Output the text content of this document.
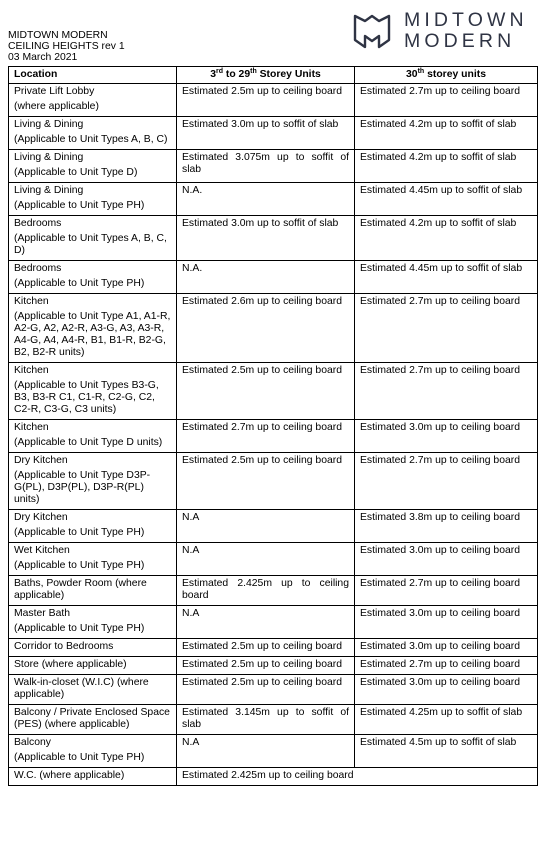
MIDTOWN MODERN
CEILING HEIGHTS rev 1
03 March 2021
MIDTOWN
MODERN
Location	3rd to 29th Storey Units	30th storey units
Private Lift Lobby
(where applicable)	Estimated 2.5m up to ceiling board	Estimated 2.7m up to ceiling board
Living & Dining
(Applicable to Unit Types A, B, C)	Estimated 3.0m up to soffit of slab	Estimated 4.2m up to soffit of slab
Living & Dining
(Applicable to Unit Type D)	Estimated 3.075m up to soffit of slab	Estimated 4.2m up to soffit of slab
Living & Dining
(Applicable to Unit Type PH)	N.A.	Estimated 4.45m up to soffit of slab
Bedrooms
(Applicable to Unit Types A, B, C, D)	Estimated 3.0m up to soffit of slab	Estimated 4.2m up to soffit of slab
Bedrooms
(Applicable to Unit Type PH)	N.A.	Estimated 4.45m up to soffit of slab
Kitchen
(Applicable to Unit Type A1, A1-R, A2-G, A2, A2-R, A3-G, A3, A3-R, A4-G, A4, A4-R, B1, B1-R, B2-G, B2, B2-R units)	Estimated 2.6m up to ceiling board	Estimated 2.7m up to ceiling board
Kitchen
(Applicable to Unit Types B3-G, B3, B3-R C1, C1-R, C2-G, C2, C2-R, C3-G, C3 units)	Estimated 2.5m up to ceiling board	Estimated 2.7m up to ceiling board
Kitchen
(Applicable to Unit Type D units)	Estimated 2.7m up to ceiling board	Estimated 3.0m up to ceiling board
Dry Kitchen
(Applicable to Unit Type D3P-G(PL), D3P(PL), D3P-R(PL) units)	Estimated 2.5m up to ceiling board	Estimated 2.7m up to ceiling board
Dry Kitchen
(Applicable to Unit Type PH)	N.A	Estimated 3.8m up to ceiling board
Wet Kitchen
(Applicable to Unit Type PH)	N.A	Estimated 3.0m up to ceiling board
Baths, Powder Room (where applicable)	Estimated 2.425m up to ceiling board	Estimated 2.7m up to ceiling board
Master Bath
(Applicable to Unit Type PH)	N.A	Estimated 3.0m up to ceiling board
Corridor to Bedrooms	Estimated 2.5m up to ceiling board	Estimated 3.0m up to ceiling board
Store (where applicable)	Estimated 2.5m up to ceiling board	Estimated 2.7m up to ceiling board
Walk-in-closet (W.I.C) (where applicable)	Estimated 2.5m up to ceiling board	Estimated 3.0m up to ceiling board
Balcony / Private Enclosed Space (PES) (where applicable)	Estimated 3.145m up to soffit of slab	Estimated 4.25m up to soffit of slab
Balcony
(Applicable to Unit Type PH)	N.A	Estimated 4.5m up to soffit of slab
W.C. (where applicable)	Estimated 2.425m up to ceiling board	
